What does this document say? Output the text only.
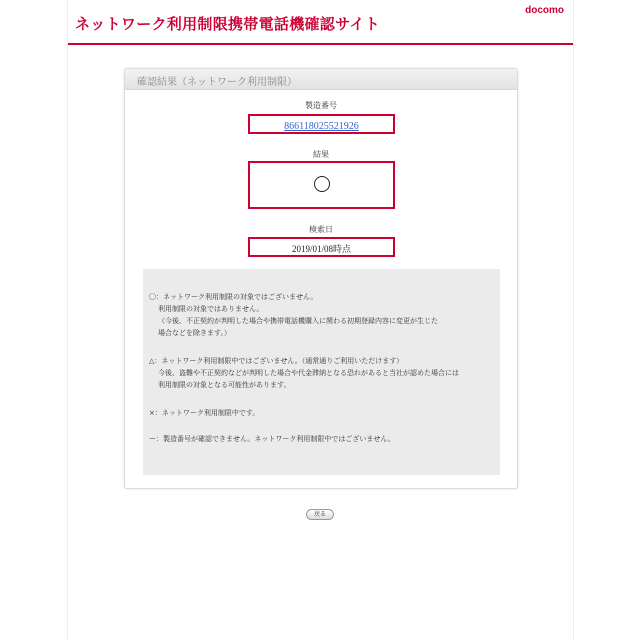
ネットワーク利用制限携帯電話機確認サイト
docomo
確認結果（ネットワーク利用制限）
製造番号
866118025521926
結果
検索日
2019/01/08時点
〇：ネットワーク利用制限の対象ではございません。
利用制限の対象ではありません。
（今後、不正契約が判明した場合や携帯電話機購入に関わる初期登録内容に変更が生じた
場合などを除きます。）
△：ネットワーク利用制限中ではございません。（通常通りご利用いただけます）
今後、盗難や不正契約などが判明した場合や代金滞納となる恐れがあると当社が認めた場合には
利用制限の対象となる可能性があります。
×：ネットワーク利用制限中です。
ー：製造番号が確認できません。ネットワーク利用制限中ではございません。
戻る
